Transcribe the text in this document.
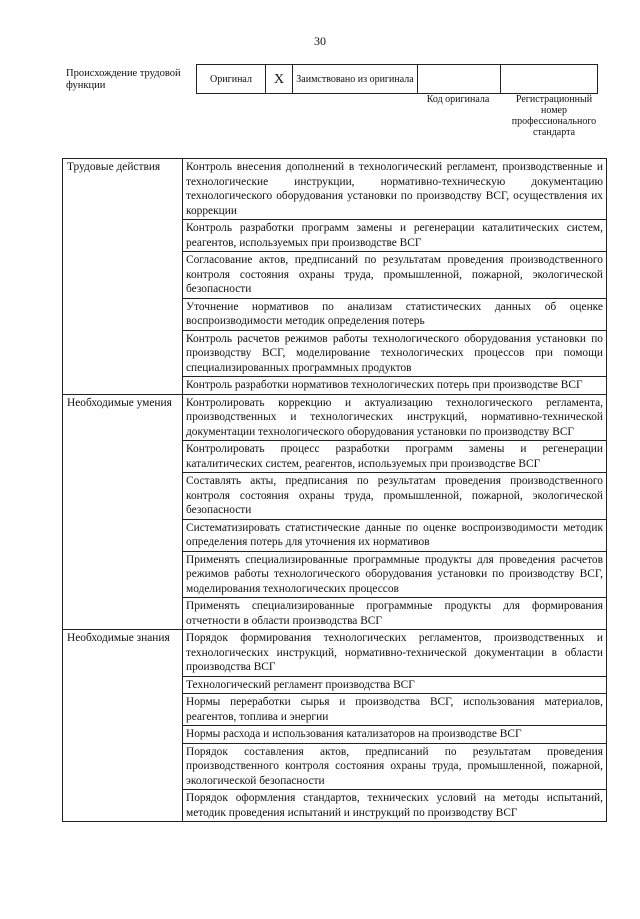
30
Происхождение трудовой функции
Оригинал	X	Заимствовано из оригинала		
Код оригинала	Регистрационный номер профессионального стандарта
Трудовые действия	Контроль внесения дополнений в технологический регламент, производственные и технологические инструкции, нормативно-техническую документацию технологического оборудования установки по производству ВСГ, осуществления их коррекции
	Контроль разработки программ замены и регенерации каталитических систем, реагентов, используемых при производстве ВСГ
	Согласование актов, предписаний по результатам проведения производственного контроля состояния охраны труда, промышленной, пожарной, экологической безопасности
	Уточнение нормативов по анализам статистических данных об оценке воспроизводимости методик определения потерь
	Контроль расчетов режимов работы технологического оборудования установки по производству ВСГ, моделирование технологических процессов при помощи специализированных программных продуктов
	Контроль разработки нормативов технологических потерь при производстве ВСГ
Необходимые умения	Контролировать коррекцию и актуализацию технологического регламента, производственных и технологических инструкций, нормативно-технической документации технологического оборудования установки по производству ВСГ
	Контролировать процесс разработки программ замены и регенерации каталитических систем, реагентов, используемых при производстве ВСГ
	Составлять акты, предписания по результатам проведения производственного контроля состояния охраны труда, промышленной, пожарной, экологической безопасности
	Систематизировать статистические данные по оценке воспроизводимости методик определения потерь для уточнения их нормативов
	Применять специализированные программные продукты для проведения расчетов режимов работы технологического оборудования установки по производству ВСГ, моделирования технологических процессов
	Применять специализированные программные продукты для формирования отчетности в области производства ВСГ
Необходимые знания	Порядок формирования технологических регламентов, производственных и технологических инструкций, нормативно-технической документации в области производства ВСГ
	Технологический регламент производства ВСГ
	Нормы переработки сырья и производства ВСГ, использования материалов, реагентов, топлива и энергии
	Нормы расхода и использования катализаторов на производстве ВСГ
	Порядок составления актов, предписаний по результатам проведения производственного контроля состояния охраны труда, промышленной, пожарной, экологической безопасности
	Порядок оформления стандартов, технических условий на методы испытаний, методик проведения испытаний и инструкций по производству ВСГ
